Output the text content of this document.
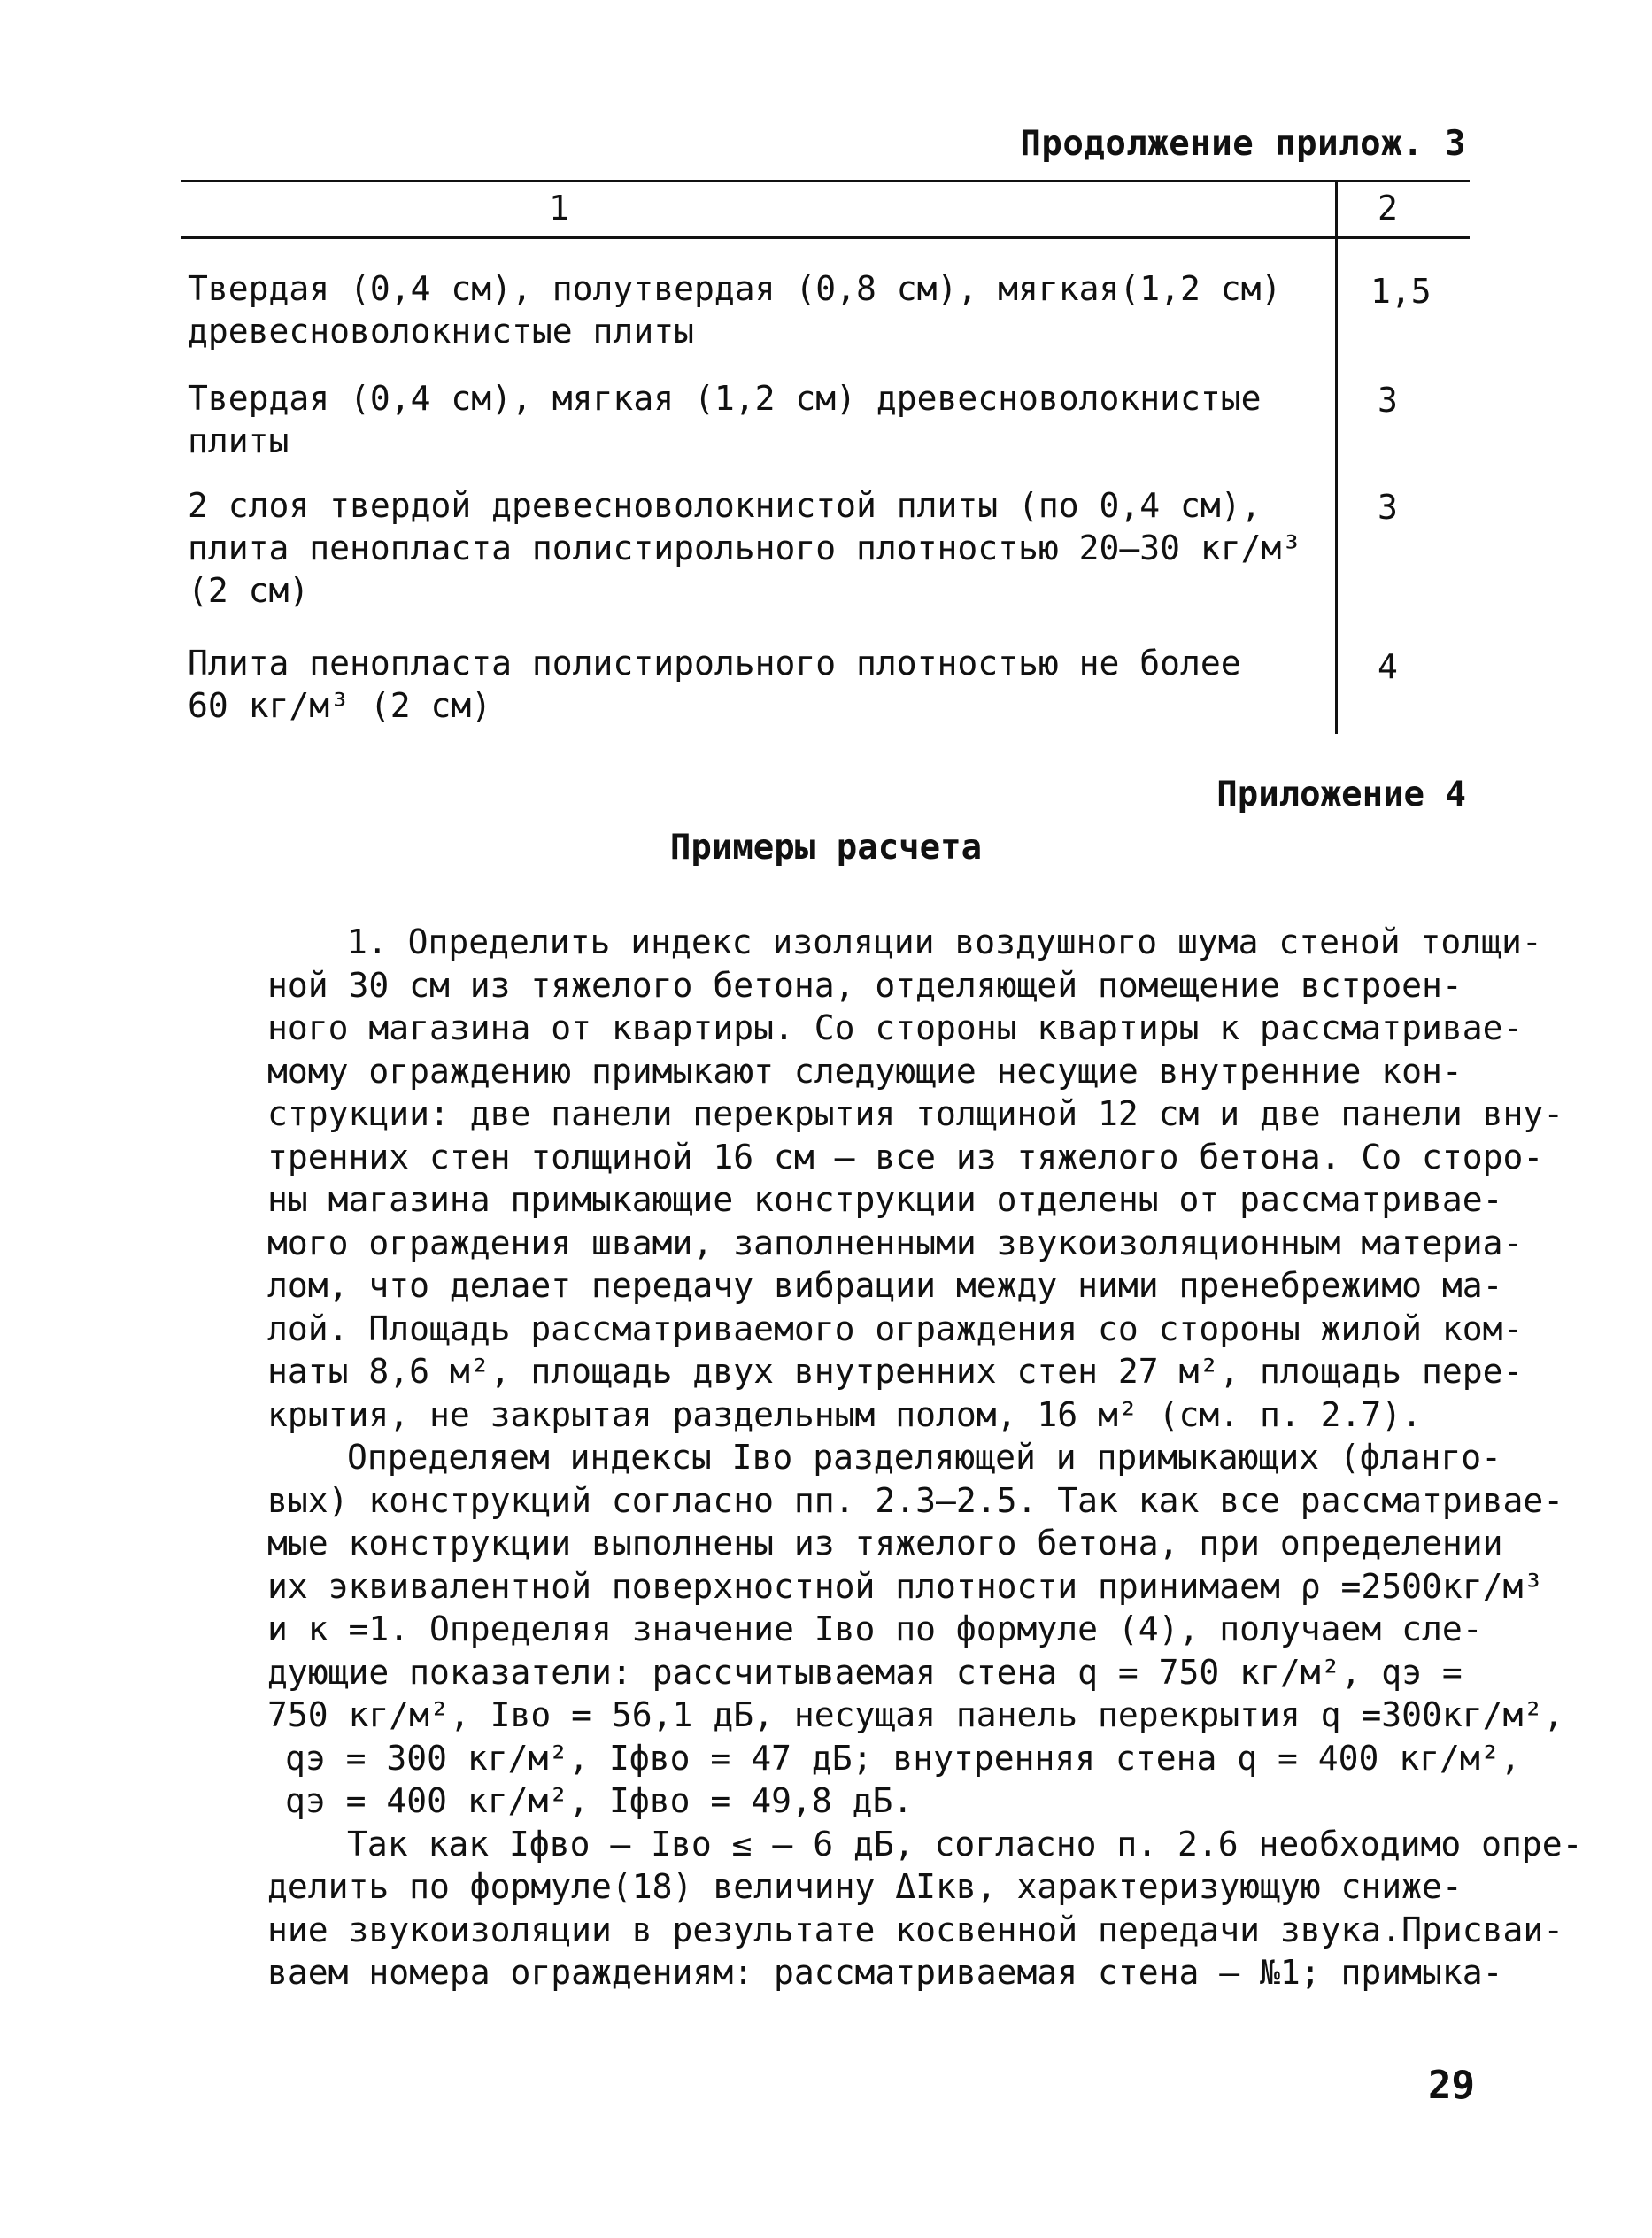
Продолжение прилож. 3
1	2
Твердая (0,4 см), полутвердая (0,8 см), мягкая(1,2 см)
древесноволокнистые плиты
1,5
Твердая (0,4 см), мягкая (1,2 см) древесноволокнистые
плиты
3
2 слоя твердой древесноволокнистой плиты (по 0,4 см),
плита пенопласта полистирольного плотностью 20–30 кг/м³
(2 см)
3
Плита пенопласта полистирольного плотностью не более
60 кг/м³ (2 см)
4
Приложение 4
Примеры расчета

1. Определить индекс изоляции воздушного шума стеной толщи-
ной 30 см из тяжелого бетона, отделяющей помещение встроен-
ного магазина от квартиры. Со стороны квартиры к рассматривае-
мому ограждению примыкают следующие несущие внутренние кон-
струкции: две панели перекрытия толщиной 12 см и две панели вну-
тренних стен толщиной 16 см – все из тяжелого бетона. Со сторо-
ны магазина примыкающие конструкции отделены от рассматривае-
мого ограждения швами, заполненными звукоизоляционным материа-
лом, что делает передачу вибрации между ними пренебрежимо ма-
лой. Площадь рассматриваемого ограждения со стороны жилой ком-
наты 8,6 м², площадь двух внутренних стен 27 м², площадь пере-
крытия, не закрытая раздельным полом, 16 м² (см. п. 2.7).

Определяем индексы Iво разделяющей и примыкающих (фланго-
вых) конструкций согласно пп. 2.3–2.5. Так как все рассматривае-
мые конструкции выполнены из тяжелого бетона, при определении
их эквивалентной поверхностной плотности принимаем ρ =2500кг/м³
и κ =1. Определяя значение Iво по формуле (4), получаем сле-
дующие показатели: рассчитываемая стена q = 750 кг/м², qэ =
750 кг/м², Iво = 56,1 дБ, несущая панель перекрытия q =300кг/м²,
qэ = 300 кг/м², Iфво = 47 дБ; внутренняя стена q = 400 кг/м²,
qэ = 400 кг/м², Iфво = 49,8 дБ.

Так как Iфво – Iво ≤ – 6 дБ, согласно п. 2.6 необходимо опре-
делить по формуле(18) величину ΔIкв, характеризующую сниже-
ние звукоизоляции в результате косвенной передачи звука.Присваи-
ваем номера ограждениям: рассматриваемая стена – №1; примыка-

29
